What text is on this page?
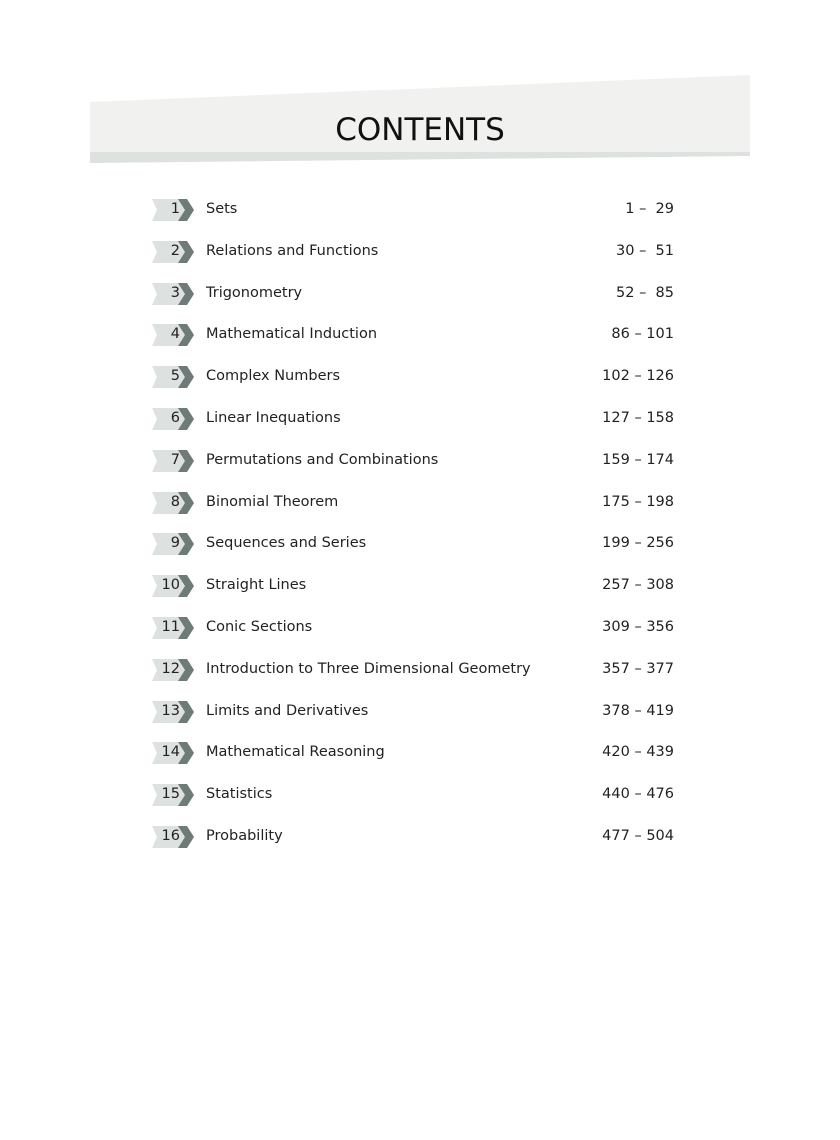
CONTENTS
1 Sets	1 –  29
2 Relations and Functions	30 –  51
3 Trigonometry	52 –  85
4 Mathematical Induction	86 – 101
5 Complex Numbers	102 – 126
6 Linear Inequations	127 – 158
7 Permutations and Combinations	159 – 174
8 Binomial Theorem	175 – 198
9 Sequences and Series	199 – 256
10 Straight Lines	257 – 308
11 Conic Sections	309 – 356
12 Introduction to Three Dimensional Geometry	357 – 377
13 Limits and Derivatives	378 – 419
14 Mathematical Reasoning	420 – 439
15 Statistics	440 – 476
16 Probability	477 – 504
